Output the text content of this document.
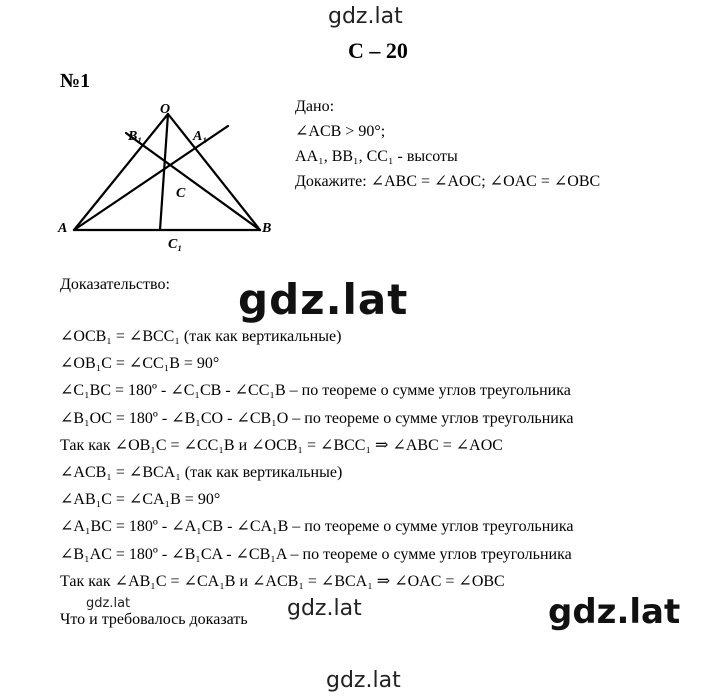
gdz.lat
С – 20
№1
O
B₁	A₁
C
A	B
C₁
Дано:
∠ACB > 90°;
AA₁, BB₁, CC₁ - высоты
Докажите: ∠ABC = ∠AOC; ∠OAC = ∠OBC
Доказательство: gdz.lat
∠OCB₁ = ∠BCC₁ (так как вертикальные)
∠OB₁C = ∠CC₁B = 90°
∠C₁BC = 180º - ∠C₁CB - ∠CC₁B – по теореме о сумме углов треугольника
∠B₁OC = 180º - ∠B₁CO - ∠CB₁O – по теореме о сумме углов треугольника
Так как ∠OB₁C = ∠CC₁B и ∠OCB₁ = ∠BCC₁ ⇒ ∠ABC = ∠AOC
∠ACB₁ = ∠BCA₁ (так как вертикальные)
∠AB₁C = ∠CA₁B = 90°
∠A₁BC = 180º - ∠A₁CB - ∠CA₁B – по теореме о сумме углов треугольника
∠B₁AC = 180º - ∠B₁CA - ∠CB₁A – по теореме о сумме углов треугольника
Так как ∠AB₁C = ∠CA₁B и ∠ACB₁ = ∠BCA₁ ⇒ ∠OAC = ∠OBC
gdz.lat	gdz.lat	gdz.lat
Что и требовалось доказать
gdz.lat
